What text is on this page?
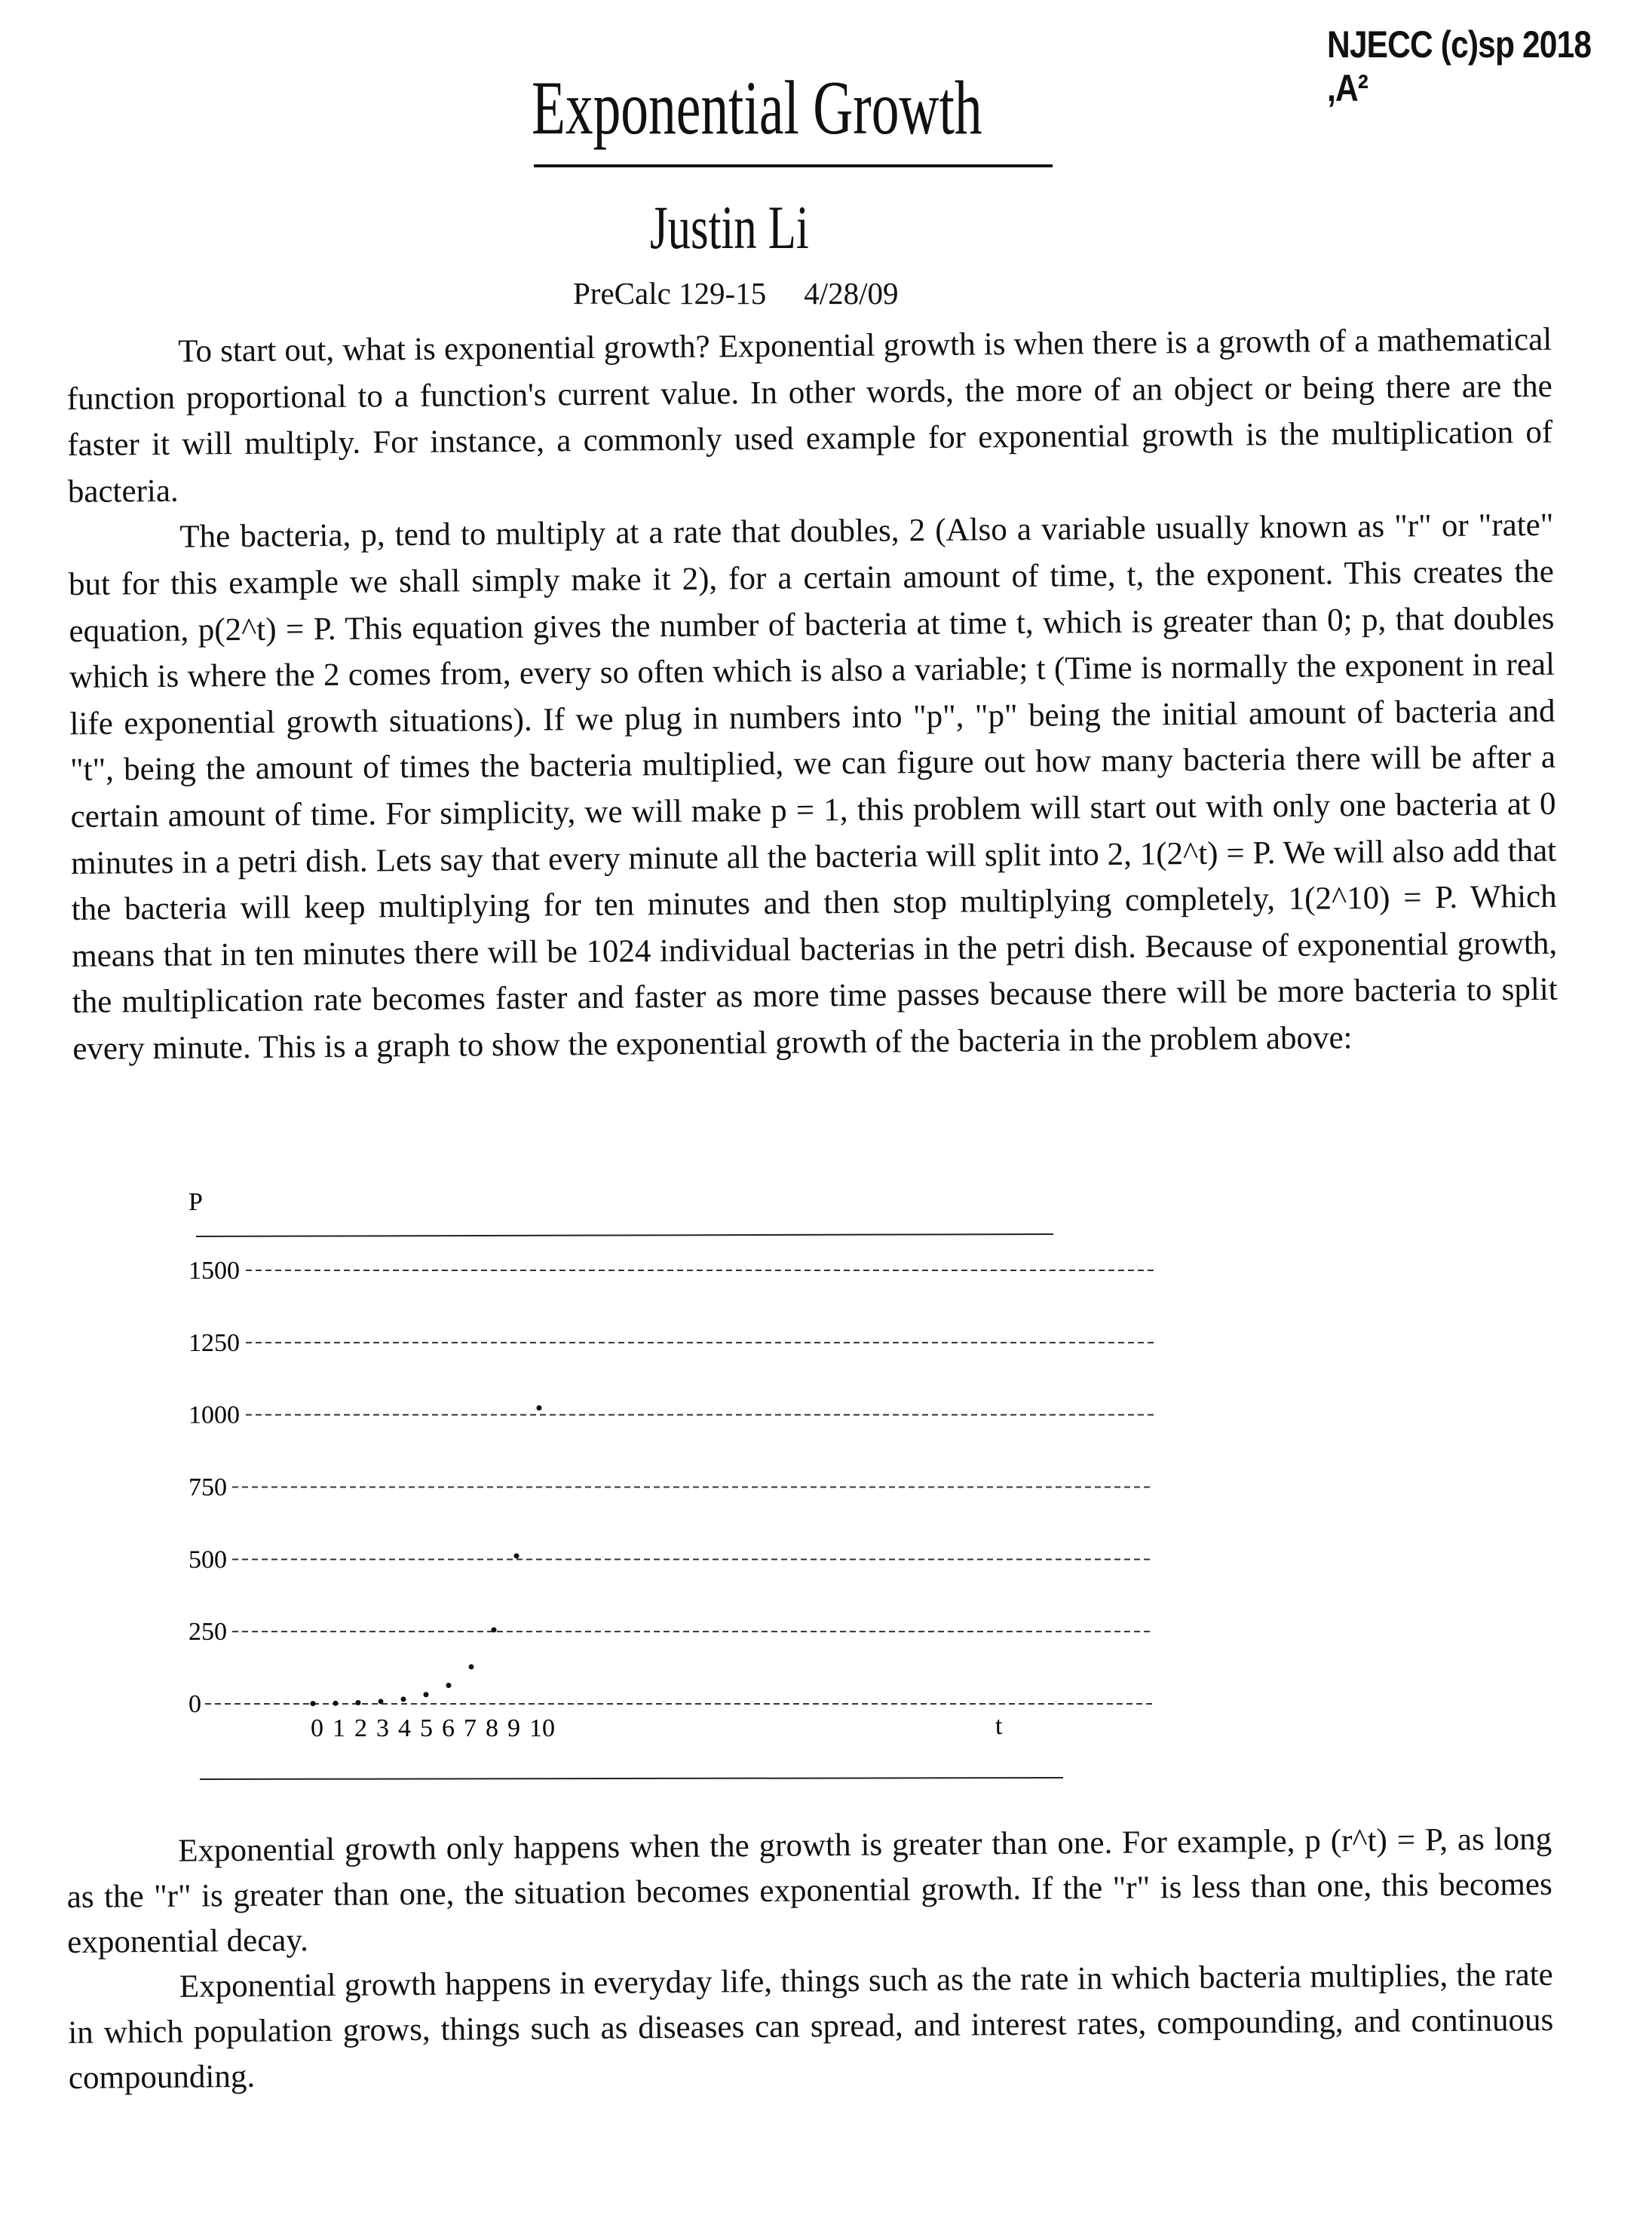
NJECC (c)sp 2018 ,A²
Exponential Growth
Justin Li
PreCalc 129-15 4/28/09

To start out, what is exponential growth? Exponential growth is when there is a growth of a mathematical function proportional to a function's current value. In other words, the more of an object or being there are the faster it will multiply. For instance, a commonly used example for exponential growth is the multiplication of bacteria.

The bacteria, p, tend to multiply at a rate that doubles, 2 (Also a variable usually known as "r" or "rate" but for this example we shall simply make it 2), for a certain amount of time, t, the exponent. This creates the equation, p(2^t) = P. This equation gives the number of bacteria at time t, which is greater than 0; p, that doubles which is where the 2 comes from, every so often which is also a variable; t (Time is normally the exponent in real life exponential growth situations). If we plug in numbers into "p", "p" being the initial amount of bacteria and "t", being the amount of times the bacteria multiplied, we can figure out how many bacteria there will be after a certain amount of time. For simplicity, we will make p = 1, this problem will start out with only one bacteria at 0 minutes in a petri dish. Lets say that every minute all the bacteria will split into 2, 1(2^t) = P. We will also add that the bacteria will keep multiplying for ten minutes and then stop multiplying completely, 1(2^10) = P. Which means that in ten minutes there will be 1024 individual bacterias in the petri dish. Because of exponential growth, the multiplication rate becomes faster and faster as more time passes because there will be more bacteria to split every minute. This is a graph to show the exponential growth of the bacteria in the problem above:

P
1500
1250
1000
750
500
250
0
0 1 2 3 4 5 6 7 8 9 10	t

Exponential growth only happens when the growth is greater than one. For example, p (r^t) = P, as long as the "r" is greater than one, the situation becomes exponential growth. If the "r" is less than one, this becomes exponential decay.

Exponential growth happens in everyday life, things such as the rate in which bacteria multiplies, the rate in which population grows, things such as diseases can spread, and interest rates, compounding, and continuous compounding.
